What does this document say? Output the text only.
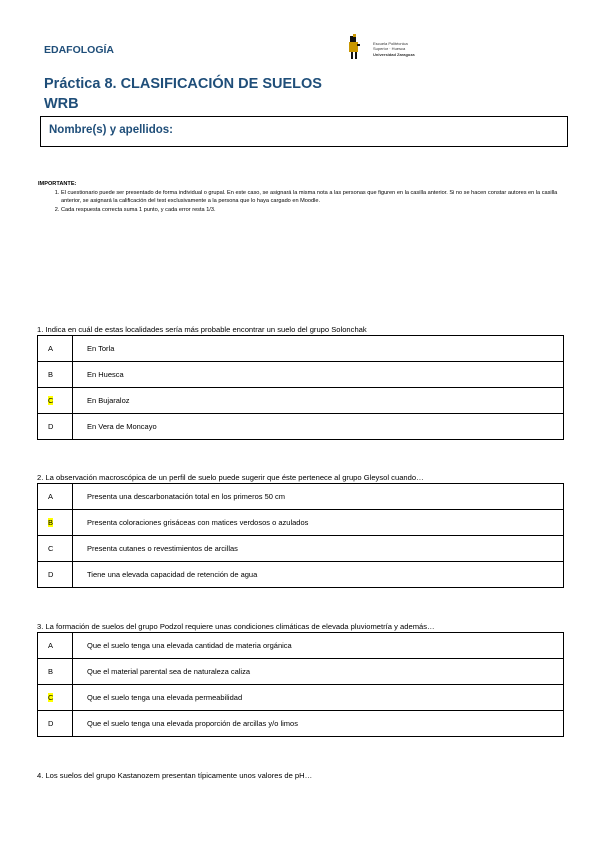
EDAFOLOGÍA
Escuela Politécnica
Superior · Huesca
Universidad Zaragoza
Práctica 8. CLASIFICACIÓN DE SUELOS
WRB
Nombre(s) y apellidos:
IMPORTANTE:
1. El cuestionario puede ser presentado de forma individual o grupal. En este caso, se asignará la misma nota a las personas que figuren en la casilla anterior. Si no se hacen constar autores en la casilla anterior, se asignará la calificación del test exclusivamente a la persona que lo haya cargado en Moodle.
2. Cada respuesta correcta suma 1 punto, y cada error resta 1/3.
1. Indica en cuál de estas localidades sería más probable encontrar un suelo del grupo Solonchak
A	En Torla
B	En Huesca
C	En Bujaraloz
D	En Vera de Moncayo
2. La observación macroscópica de un perfil de suelo puede sugerir que éste pertenece al grupo Gleysol cuando…
A	Presenta una descarbonatación total en los primeros 50 cm
B	Presenta coloraciones grisáceas con matices verdosos o azulados
C	Presenta cutanes o revestimientos de arcillas
D	Tiene una elevada capacidad de retención de agua
3. La formación de suelos del grupo Podzol requiere unas condiciones climáticas de elevada pluviometría y además…
A	Que el suelo tenga una elevada cantidad de materia orgánica
B	Que el material parental sea de naturaleza caliza
C	Que el suelo tenga una elevada permeabilidad
D	Que el suelo tenga una elevada proporción de arcillas y/o limos
4. Los suelos del grupo Kastanozem presentan típicamente unos valores de pH…
